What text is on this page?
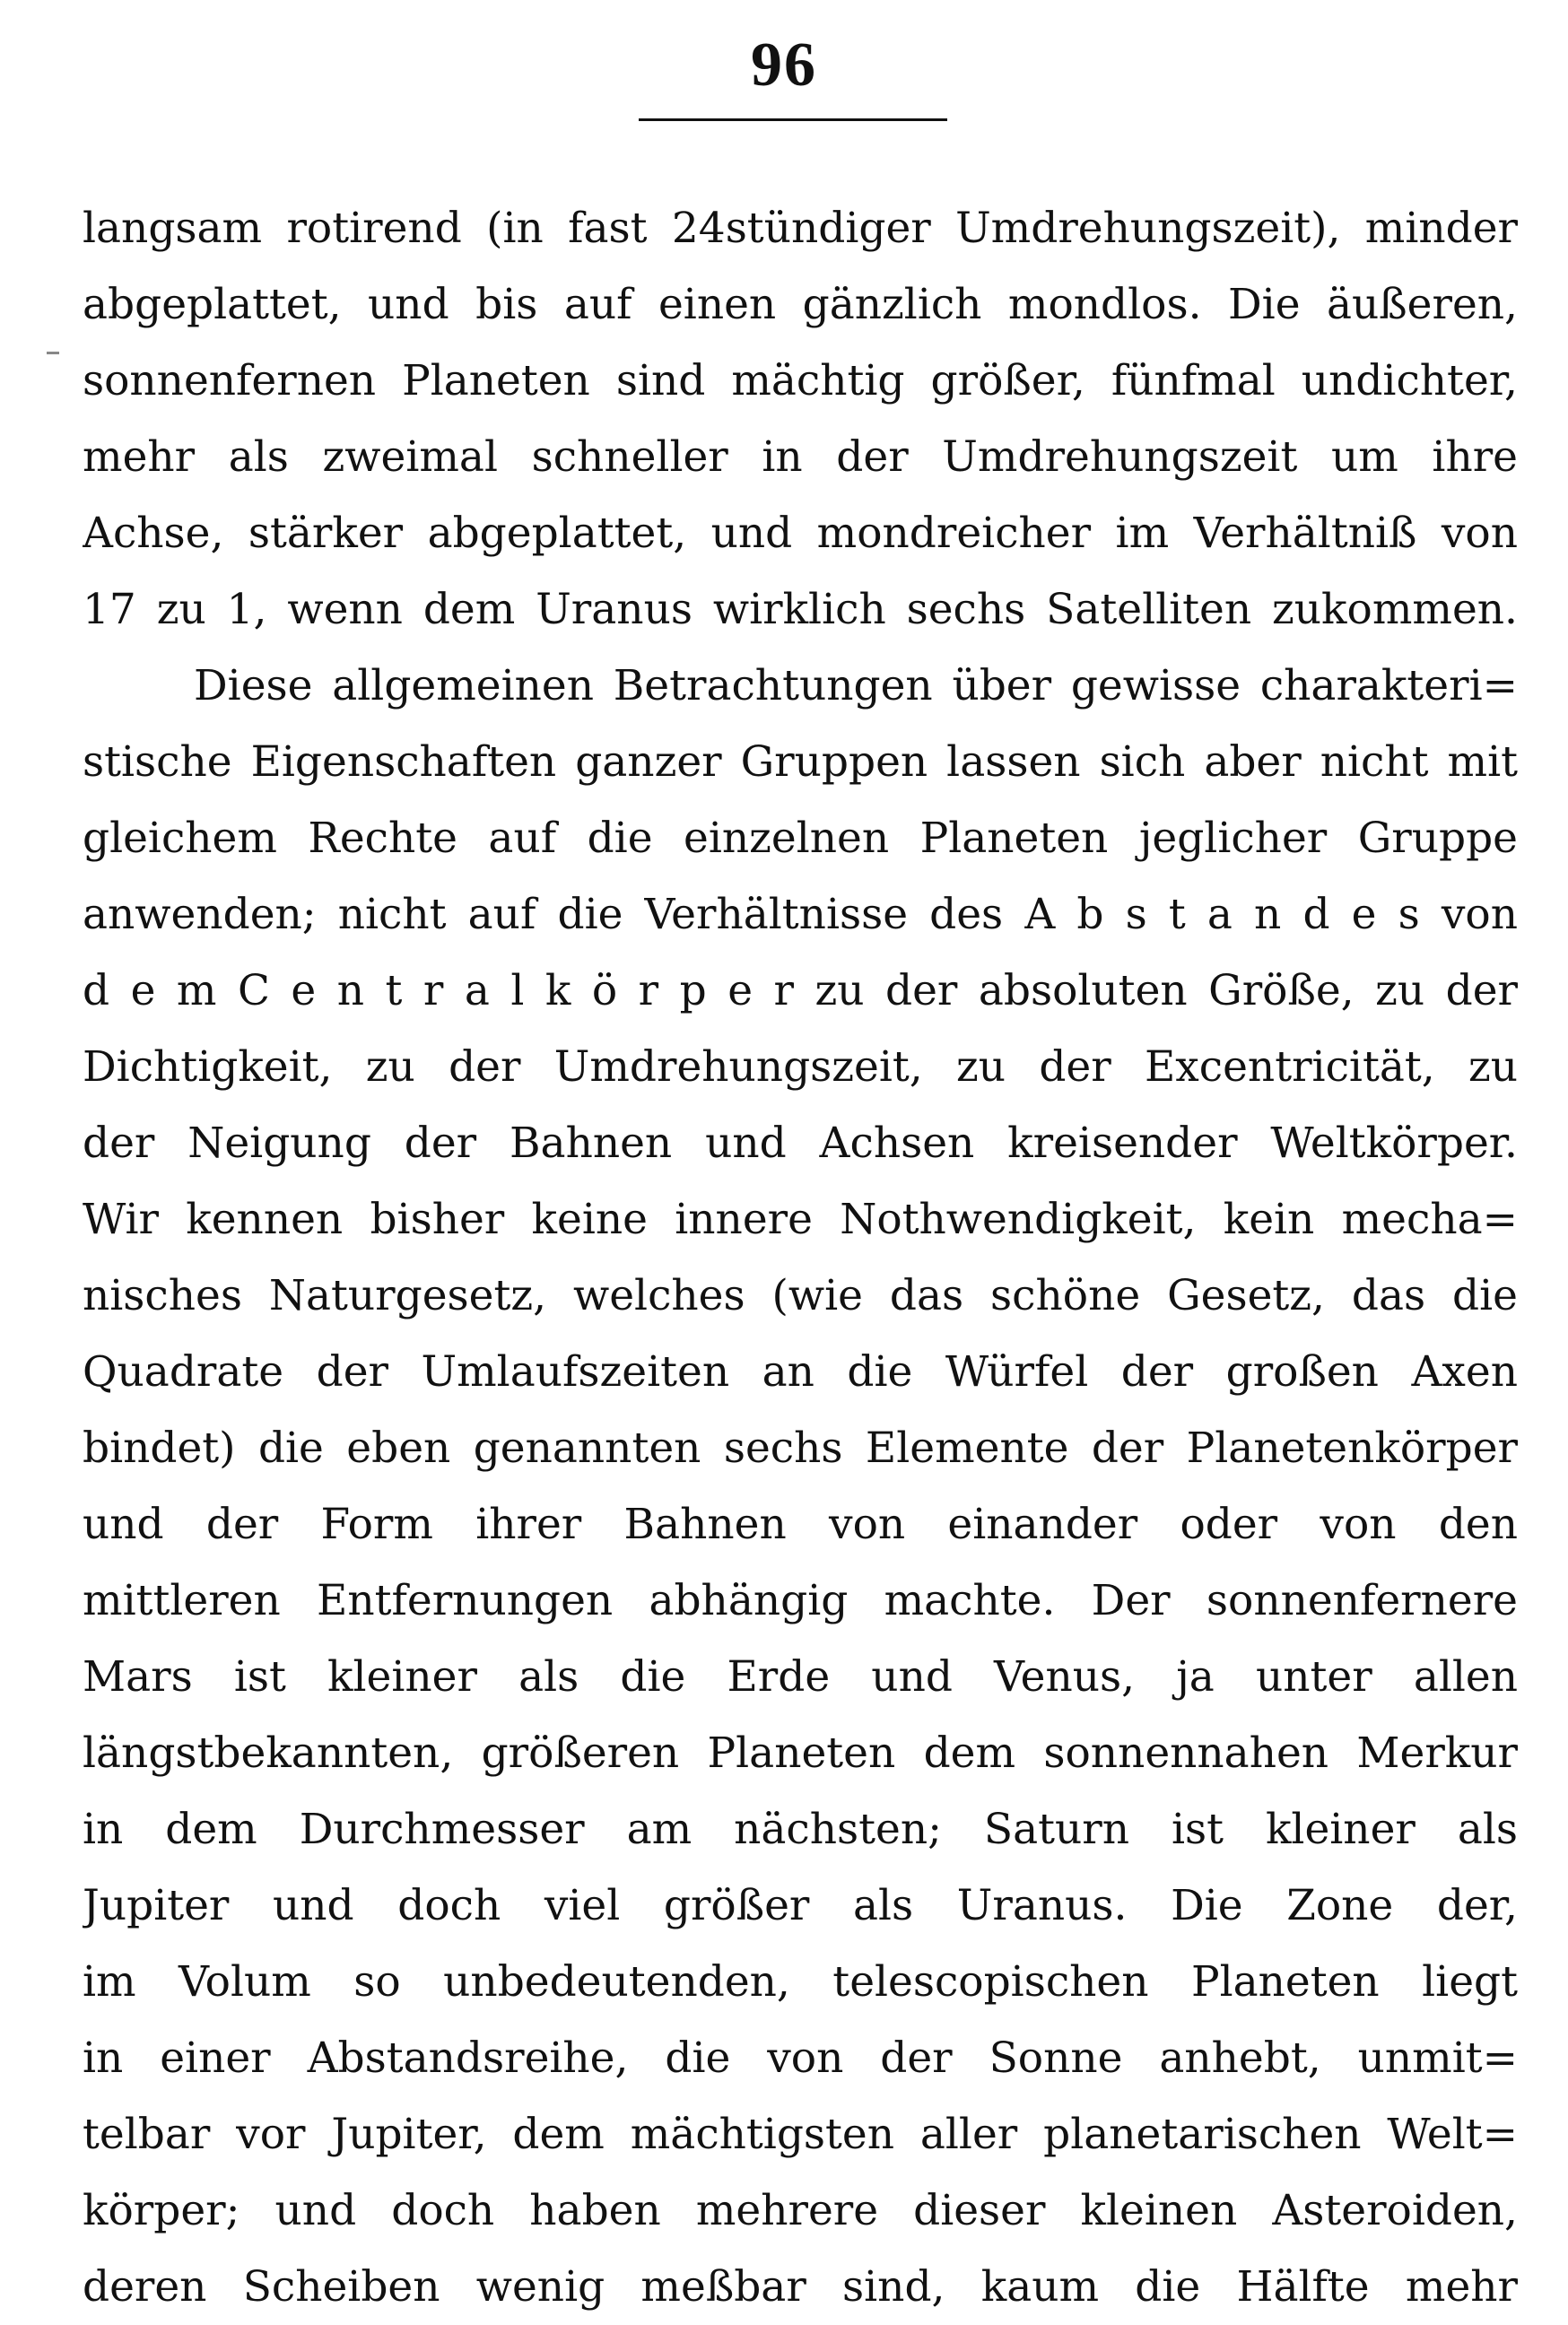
96
langsam rotirend (in fast 24stündiger Umdrehungszeit), minder
abgeplattet, und bis auf einen gänzlich mondlos. Die äußeren,
sonnenfernen Planeten sind mächtig größer, fünfmal undichter,
mehr als zweimal schneller in der Umdrehungszeit um ihre
Achse, stärker abgeplattet, und mondreicher im Verhältniß von
17 zu 1, wenn dem Uranus wirklich sechs Satelliten zukommen.
Diese allgemeinen Betrachtungen über gewisse charakteri=
stische Eigenschaften ganzer Gruppen lassen sich aber nicht mit
gleichem Rechte auf die einzelnen Planeten jeglicher Gruppe
anwenden; nicht auf die Verhältnisse des A b s t a n d e s von
d e m C e n t r a l k ö r p e r zu der absoluten Größe, zu der
Dichtigkeit, zu der Umdrehungszeit, zu der Excentricität, zu
der Neigung der Bahnen und Achsen kreisender Weltkörper.
Wir kennen bisher keine innere Nothwendigkeit, kein mecha=
nisches Naturgesetz, welches (wie das schöne Gesetz, das die
Quadrate der Umlaufszeiten an die Würfel der großen Axen
bindet) die eben genannten sechs Elemente der Planetenkörper
und der Form ihrer Bahnen von einander oder von den
mittleren Entfernungen abhängig machte. Der sonnenfernere
Mars ist kleiner als die Erde und Venus, ja unter allen
längstbekannten, größeren Planeten dem sonnennahen Merkur
in dem Durchmesser am nächsten; Saturn ist kleiner als
Jupiter und doch viel größer als Uranus. Die Zone der,
im Volum so unbedeutenden, telescopischen Planeten liegt
in einer Abstandsreihe, die von der Sonne anhebt, unmit=
telbar vor Jupiter, dem mächtigsten aller planetarischen Welt=
körper; und doch haben mehrere dieser kleinen Asteroiden,
deren Scheiben wenig meßbar sind, kaum die Hälfte mehr
